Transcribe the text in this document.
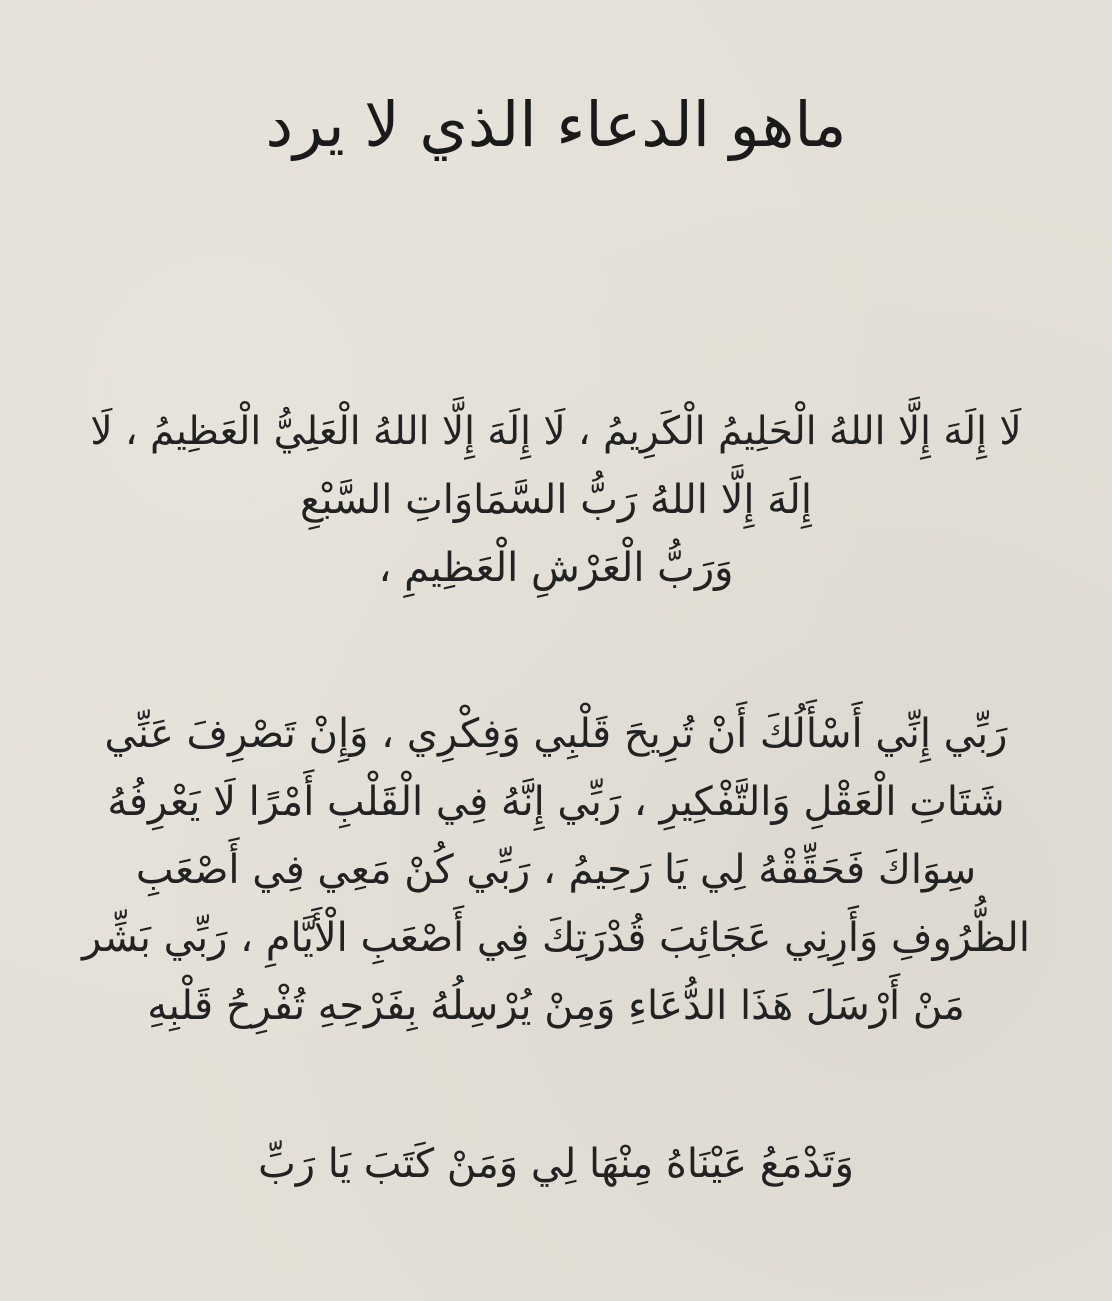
ماهو الدعاء الذي لا يرد
لَا إِلَهَ إِلَّا اللهُ الْحَلِيمُ الْكَرِيمُ ، لَا إِلَهَ إِلَّا اللهُ الْعَلِيُّ الْعَظِيمُ ، لَا
إِلَهَ إِلَّا اللهُ رَبُّ السَّمَاوَاتِ السَّبْعِ
وَرَبُّ الْعَرْشِ الْعَظِيمِ ،
رَبِّي إِنِّي أَسْأَلُكَ أَنْ تُرِيحَ قَلْبِي وَفِكْرِي ، وَإِنْ تَصْرِفَ عَنِّي
شَتَاتِ الْعَقْلِ وَالتَّفْكِيرِ ، رَبِّي إِنَّهُ فِي الْقَلْبِ أَمْرًا لَا يَعْرِفُهُ
سِوَاكَ فَحَقِّقْهُ لِي يَا رَحِيمُ ، رَبِّي كُنْ مَعِي فِي أَصْعَبِ
الظُّرُوفِ وَأَرِنِي عَجَائِبَ قُدْرَتِكَ فِي أَصْعَبِ الْأَيَّامِ ، رَبِّي بَشِّر
مَنْ أَرْسَلَ هَذَا الدُّعَاءِ وَمِنْ يُرْسِلُهُ بِفَرْحِهِ تُفْرِحُ قَلْبِهِ
وَتَدْمَعُ عَيْنَاهُ مِنْهَا لِي وَمَنْ كَتَبَ يَا رَبِّ
